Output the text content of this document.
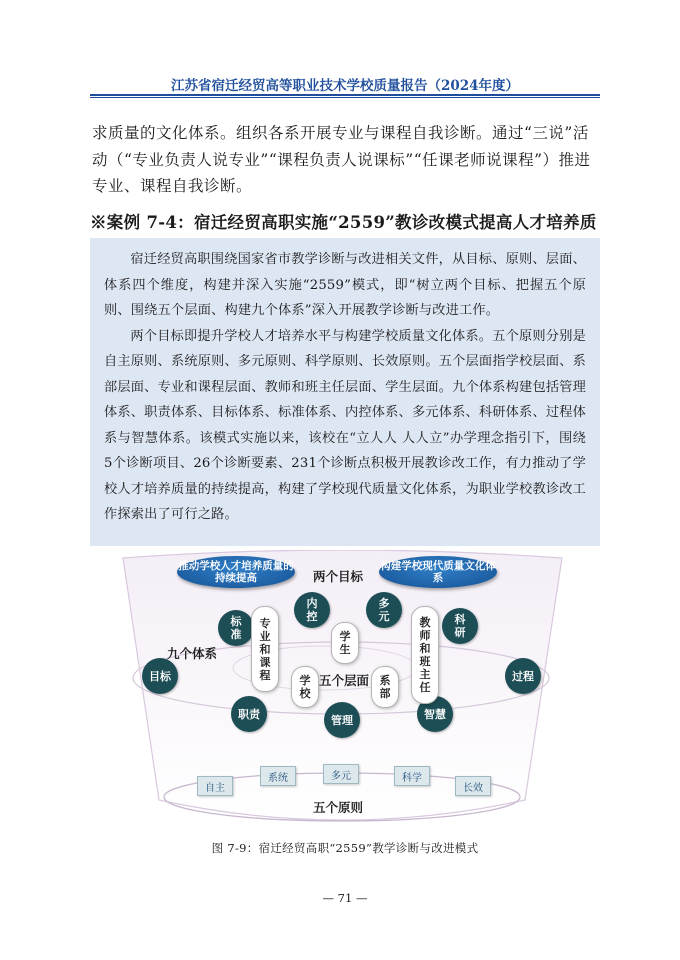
江苏省宿迁经贸高等职业技术学校质量报告（2024年度）
求质量的文化体系。组织各系开展专业与课程自我诊断。通过“三说”活动（“专业负责人说专业”“课程负责人说课标”“任课老师说课程”）推进专业、课程自我诊断。
※案例 7-4：宿迁经贸高职实施“2559”教诊改模式提高人才培养质

宿迁经贸高职围绕国家省市教学诊断与改进相关文件，从目标、原则、层面、体系四个维度，构建并深入实施“2559”模式，即“树立两个目标、把握五个原则、围绕五个层面、构建九个体系”深入开展教学诊断与改进工作。

两个目标即提升学校人才培养水平与构建学校质量文化体系。五个原则分别是自主原则、系统原则、多元原则、科学原则、长效原则。五个层面指学校层面、系部层面、专业和课程层面、教师和班主任层面、学生层面。九个体系构建包括管理体系、职责体系、目标体系、标准体系、内控体系、多元体系、科研体系、过程体系与智慧体系。该模式实施以来，该校在“立人人 人人立”办学理念指引下，围绕5个诊断项目、26个诊断要素、231个诊断点积极开展教诊改工作，有力推动了学校人才培养质量的持续提高，构建了学校现代质量文化体系，为职业学校教诊改工作探索出了可行之路。

推动学校人才培养质量的持续提高	两个目标
构建学校现代质量文化体系
九个体系
标准
内控
多元	科研
目标	过程
职责	管理	智慧
专业和课程
学生
教师和班主任
学校
系部
五个层面
自主
系统	多元	科学
长效
五个原则
图 7-9：宿迁经贸高职“2559”教学诊断与改进模式
— 71 —
